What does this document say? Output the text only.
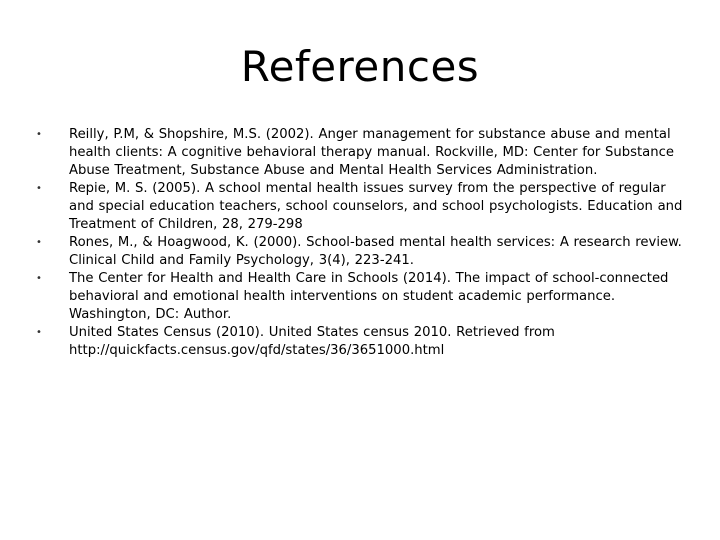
References
• Reilly, P.M, & Shopshire, M.S. (2002). Anger management for substance abuse and mental health clients: A cognitive behavioral therapy manual. Rockville, MD: Center for Substance Abuse Treatment, Substance Abuse and Mental Health Services Administration.
• Repie, M. S. (2005). A school mental health issues survey from the perspective of regular and special education teachers, school counselors, and school psychologists. Education and Treatment of Children, 28, 279-298
• Rones, M., & Hoagwood, K. (2000). School-based mental health services: A research review. Clinical Child and Family Psychology, 3(4), 223-241.
• The Center for Health and Health Care in Schools (2014). The impact of school-connected behavioral and emotional health interventions on student academic performance. Washington, DC: Author.
• United States Census (2010). United States census 2010. Retrieved from http://quickfacts.census.gov/qfd/states/36/3651000.html
